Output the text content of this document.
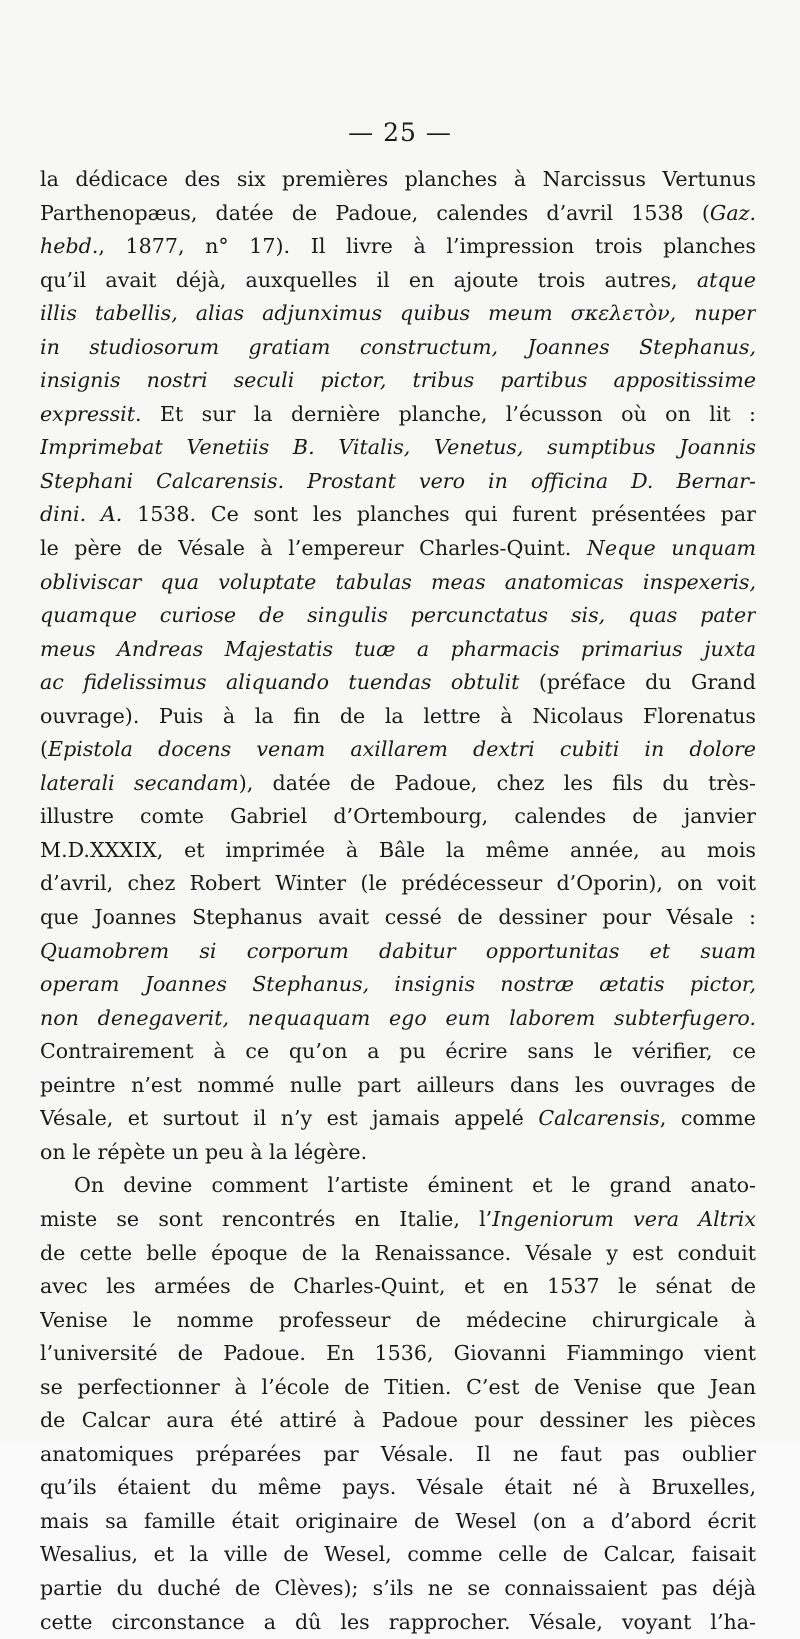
— 25 —
la dédicace des six premières planches à Narcissus Vertunus
Parthenopæus, datée de Padoue, calendes d’avril 1538 (Gaz.
hebd., 1877, n° 17). Il livre à l’impression trois planches
qu’il avait déjà, auxquelles il en ajoute trois autres, atque
illis tabellis, alias adjunximus quibus meum σκελετὸν, nuper
in studiosorum gratiam constructum, Joannes Stephanus,
insignis nostri seculi pictor, tribus partibus appositissime
expressit. Et sur la dernière planche, l’écusson où on lit :
Imprimebat Venetiis B. Vitalis, Venetus, sumptibus Joannis
Stephani Calcarensis. Prostant vero in officina D. Bernar-
dini. A. 1538. Ce sont les planches qui furent présentées par
le père de Vésale à l’empereur Charles-Quint. Neque unquam
obliviscar qua voluptate tabulas meas anatomicas inspexeris,
quamque curiose de singulis percunctatus sis, quas pater
meus Andreas Majestatis tuæ a pharmacis primarius juxta
ac fidelissimus aliquando tuendas obtulit (préface du Grand
ouvrage). Puis à la fin de la lettre à Nicolaus Florenatus
(Epistola docens venam axillarem dextri cubiti in dolore
laterali secandam), datée de Padoue, chez les fils du très-
illustre comte Gabriel d’Ortembourg, calendes de janvier
M.D.XXXIX, et imprimée à Bâle la même année, au mois
d’avril, chez Robert Winter (le prédécesseur d’Oporin), on voit
que Joannes Stephanus avait cessé de dessiner pour Vésale :
Quamobrem si corporum dabitur opportunitas et suam
operam Joannes Stephanus, insignis nostræ ætatis pictor,
non denegaverit, nequaquam ego eum laborem subterfugero.
Contrairement à ce qu’on a pu écrire sans le vérifier, ce
peintre n’est nommé nulle part ailleurs dans les ouvrages de
Vésale, et surtout il n’y est jamais appelé Calcarensis, comme
on le répète un peu à la légère.
On devine comment l’artiste éminent et le grand anato-
miste se sont rencontrés en Italie, l’Ingeniorum vera Altrix
de cette belle époque de la Renaissance. Vésale y est conduit
avec les armées de Charles-Quint, et en 1537 le sénat de
Venise le nomme professeur de médecine chirurgicale à
l’université de Padoue. En 1536, Giovanni Fiammingo vient
se perfectionner à l’école de Titien. C’est de Venise que Jean
de Calcar aura été attiré à Padoue pour dessiner les pièces
anatomiques préparées par Vésale. Il ne faut pas oublier
qu’ils étaient du même pays. Vésale était né à Bruxelles,
mais sa famille était originaire de Wesel (on a d’abord écrit
Wesalius, et la ville de Wesel, comme celle de Calcar, faisait
partie du duché de Clèves); s’ils ne se connaissaient pas déjà
cette circonstance a dû les rapprocher. Vésale, voyant l’ha-
